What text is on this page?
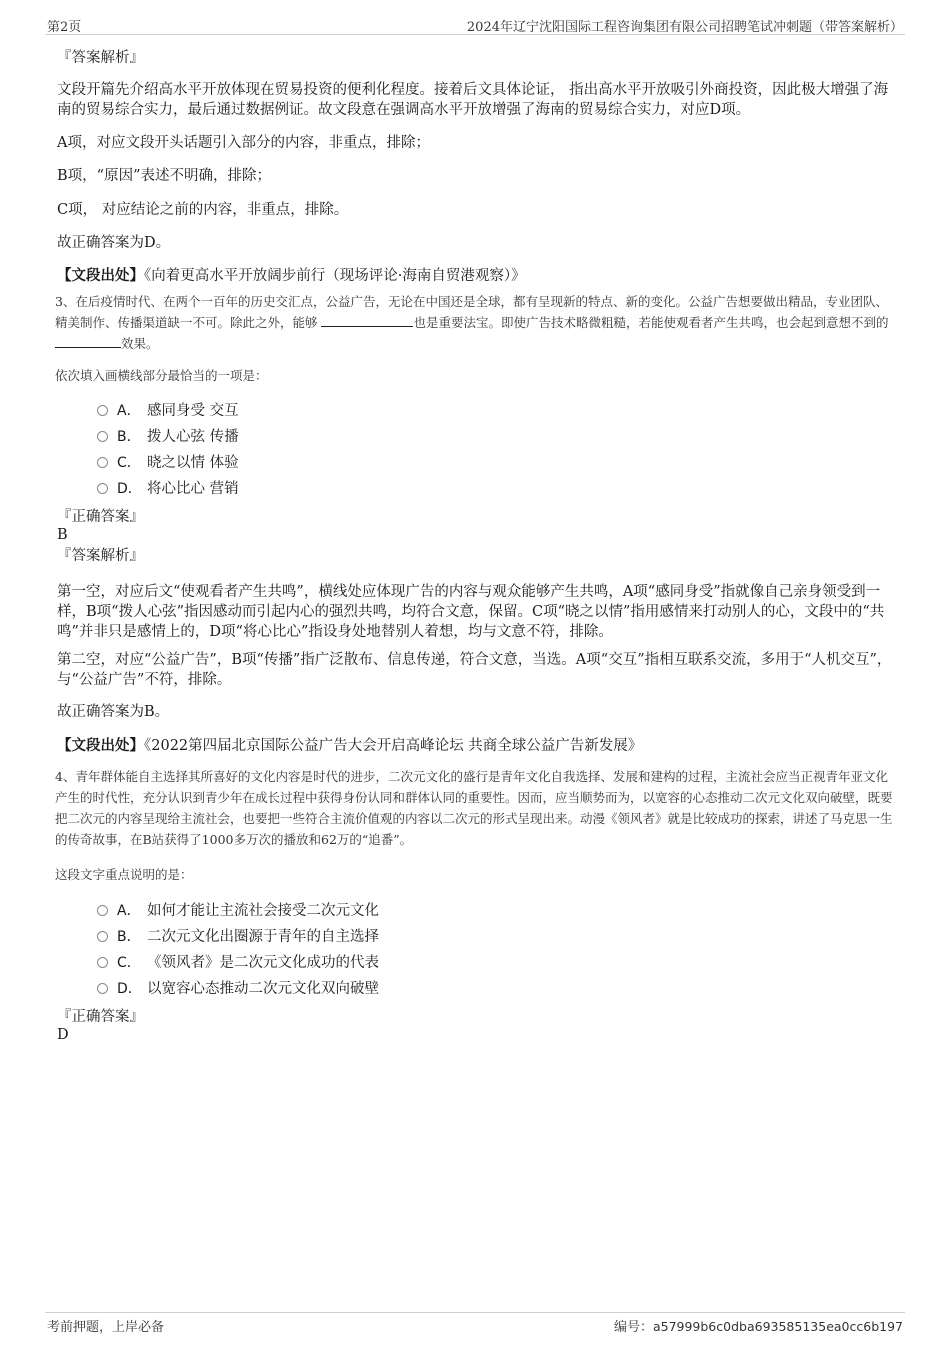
第2页	2024年辽宁沈阳国际工程咨询集团有限公司招聘笔试冲刺题（带答案解析）

『答案解析』

文段开篇先介绍高水平开放体现在贸易投资的便利化程度。接着后文具体论证， 指出高水平开放吸引外商投资，因此极大增强了海南的贸易综合实力，最后通过数据例证。故文段意在强调高水平开放增强了海南的贸易综合实力，对应D项。

A项，对应文段开头话题引入部分的内容，非重点，排除；

B项，“原因”表述不明确，排除；

C项， 对应结论之前的内容，非重点，排除。

故正确答案为D。

【文段出处】《向着更高水平开放阔步前行（现场评论·海南自贸港观察）》

3、在后疫情时代、在两个一百年的历史交汇点，公益广告，无论在中国还是全球，都有呈现新的特点、新的变化。公益广告想要做出精品，专业团队、精美制作、传播渠道缺一不可。除此之外，能够	也是重要法宝。即使广告技术略微粗糙，若能使观看者产生共鸣，也会起到意想不到的 效果。

依次填入画横线部分最恰当的一项是：

A． 感同身受 交互
B． 拨人心弦 传播
C． 晓之以情 体验
D． 将心比心 营销

『正确答案』

B

『答案解析』

第一空，对应后文“使观看者产生共鸣”，横线处应体现广告的内容与观众能够产生共鸣，A项“感同身受”指就像自己亲身领受到一样，B项“拨人心弦”指因感动而引起内心的强烈共鸣，均符合文意，保留。C项“晓之以情”指用感情来打动别人的心，文段中的“共鸣”并非只是感情上的，D项“将心比心”指设身处地替别人着想，均与文意不符，排除。

第二空，对应“公益广告”，B项“传播”指广泛散布、信息传递，符合文意，当选。A项“交互”指相互联系交流，多用于“人机交互”，与“公益广告”不符，排除。

故正确答案为B。

【文段出处】《2022第四届北京国际公益广告大会开启高峰论坛 共商全球公益广告新发展》

4、青年群体能自主选择其所喜好的文化内容是时代的进步，二次元文化的盛行是青年文化自我选择、发展和建构的过程，主流社会应当正视青年亚文化产生的时代性，充分认识到青少年在成长过程中获得身份认同和群体认同的重要性。因而，应当顺势而为，以宽容的心态推动二次元文化双向破壁，既要把二次元的内容呈现给主流社会，也要把一些符合主流价值观的内容以二次元的形式呈现出来。动漫《领风者》就是比较成功的探索，讲述了马克思一生的传奇故事，在B站获得了1000多万次的播放和62万的“追番”。

这段文字重点说明的是：

A． 如何才能让主流社会接受二次元文化
B． 二次元文化出圈源于青年的自主选择
C． 《领风者》是二次元文化成功的代表
D． 以宽容心态推动二次元文化双向破壁

『正确答案』

D

考前押题，上岸必备	编号：a57999b6c0dba693585135ea0cc6b197
